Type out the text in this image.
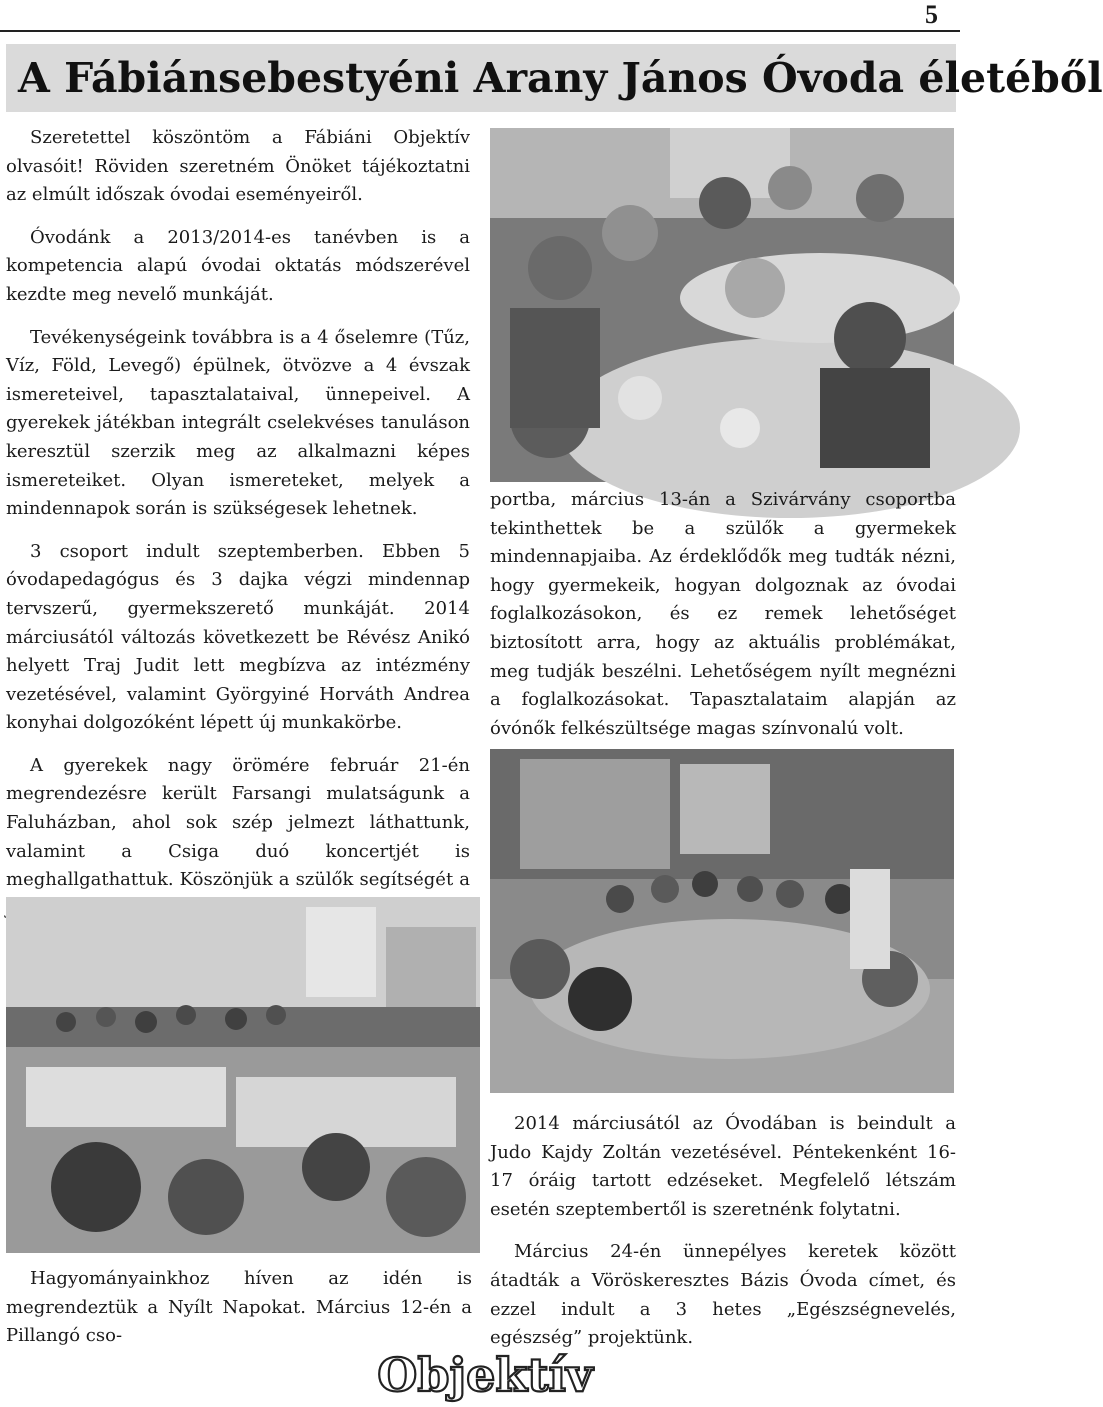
5
A Fábiánsebestyéni Arany János Óvoda életéből

Szeretettel köszöntöm a Fábiáni Objektív olvasóit! Röviden szeretném Önöket tájékoztatni az elmúlt időszak óvodai eseményeiről.

Óvodánk a 2013/2014-es tanévben is a kompetencia alapú óvodai oktatás módszerével kezdte meg nevelő munkáját.

Tevékenységeink továbbra is a 4 őselemre (Tűz, Víz, Föld, Levegő) épülnek, ötvözve a 4 évszak ismereteivel, tapasztalataival, ünnepeivel. A gyerekek játékban integrált cselekvéses tanuláson keresztül szerzik meg az alkalmazni képes ismereteiket. Olyan ismereteket, melyek a mindennapok során is szükségesek lehetnek.

3 csoport indult szeptemberben. Ebben 5 óvodapedagógus és 3 dajka végzi mindennap tervszerű, gyermekszerető munkáját. 2014 márciusától változás következett be Révész Anikó helyett Traj Judit lett megbízva az intézmény vezetésével, valamint Györgyiné Horváth Andrea konyhai dolgozóként lépett új munkakörbe.

A gyerekek nagy örömére február 21-én megrendezésre került Farsangi mulatságunk a Faluházban, ahol sok szép jelmezt láthattunk, valamint a Csiga duó koncertjét is meghallgathattuk. Köszönjük a szülők segítségét a

portba, március 13-án a Szivárvány csoportba tekinthettek be a szülők a gyermekek mindennapjaiba. Az érdeklődők meg tudták nézni, hogy gyermekeik, hogyan dolgoznak az óvodai foglalkozásokon, és ez remek lehetőséget biztosított arra, hogy az aktuális problémákat, meg tudják beszélni. Lehetőségem nyílt megnézni a foglalkozásokat. Tapasztalataim alapján az óvónők felkészültsége magas színvonalú volt.

Hagyományainkhoz híven az idén is megrendeztük a Nyílt Napokat. Március 12-én a Pillangó cso-

2014 márciusától az Óvodában is beindult a Judo Kajdy Zoltán vezetésével. Péntekenként 16-17 óráig tartott edzéseket. Megfelelő létszám esetén szeptembertől is szeretnénk folytatni.

Március 24-én ünnepélyes keretek között átadták a Vöröskeresztes Bázis Óvoda címet, és ezzel indult a 3 hetes „Egészségnevelés, egészség” projektünk.

Objektív
